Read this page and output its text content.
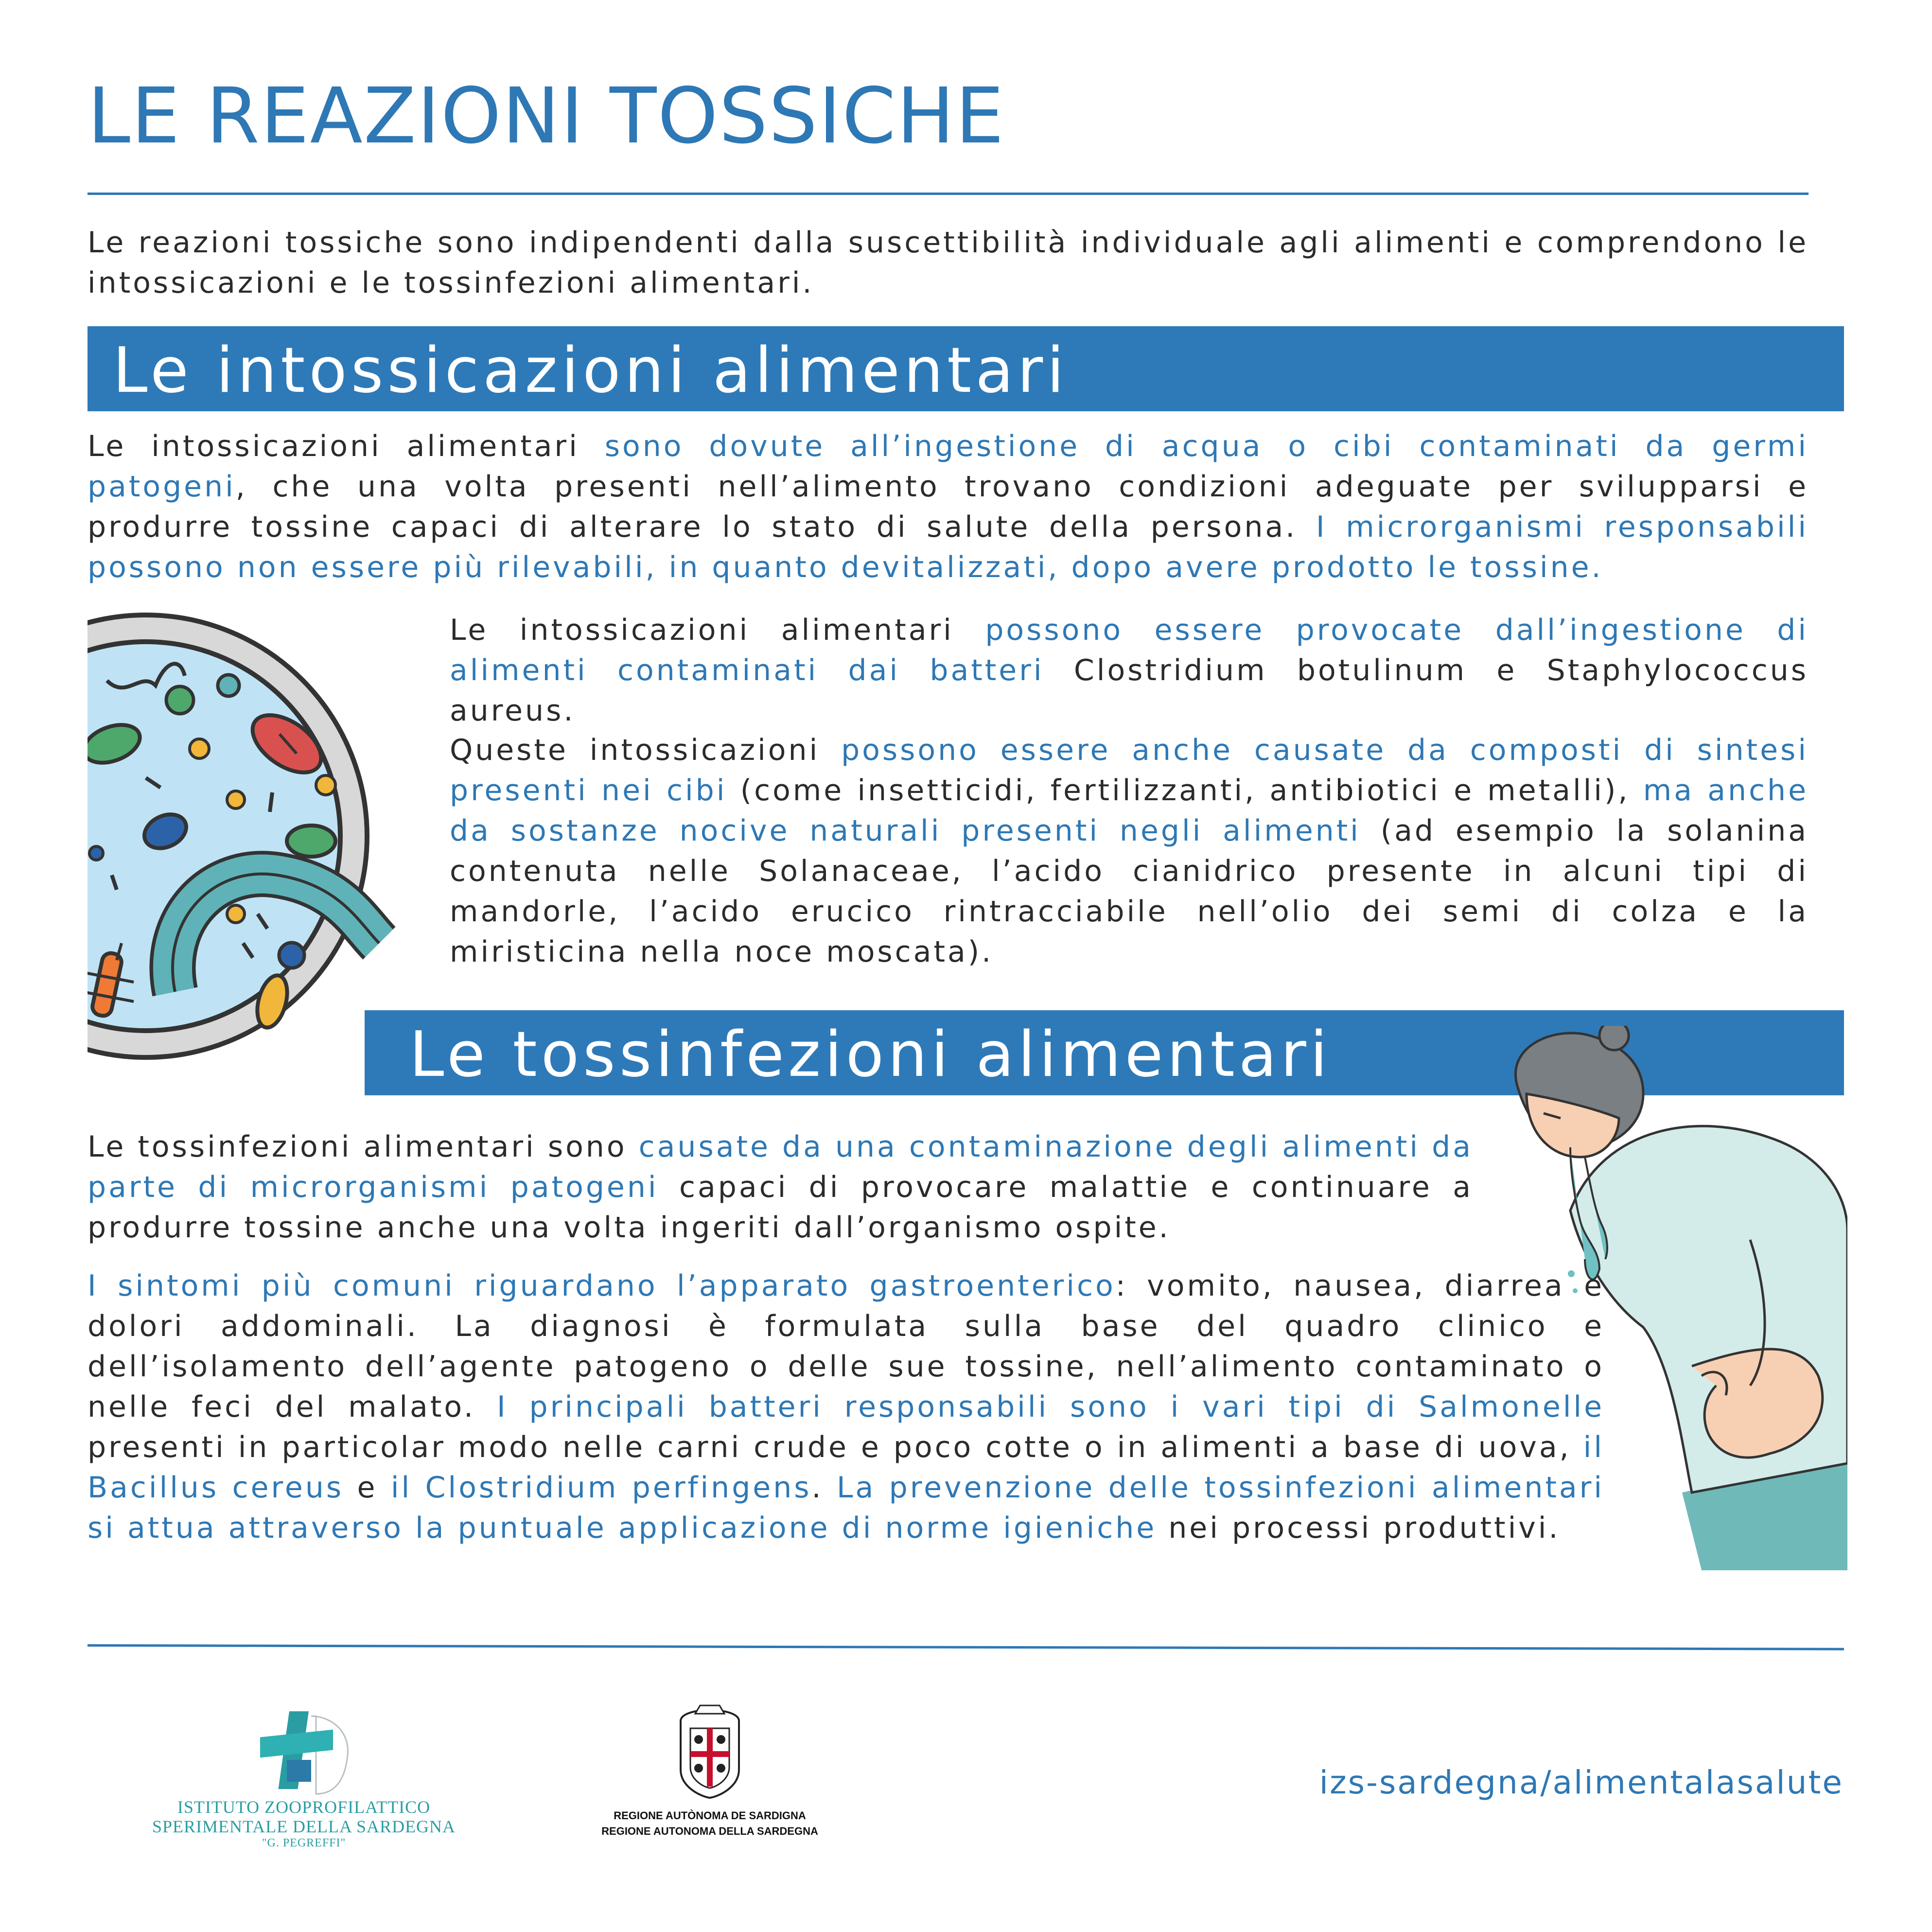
LE REAZIONI TOSSICHE

Le reazioni tossiche sono indipendenti dalla suscettibilità individuale agli alimenti e comprendono le intossicazioni e le tossinfezioni alimentari.

Le intossicazioni alimentari

Le intossicazioni alimentari sono dovute all’ingestione di acqua o cibi contaminati da germi patogeni, che una volta presenti nell’alimento trovano condizioni adeguate per svilupparsi e produrre tossine capaci di alterare lo stato di salute della persona. I microrganismi responsabili possono non essere più rilevabili, in quanto devitalizzati, dopo avere prodotto le tossine.

Le intossicazioni alimentari possono essere provocate dall’ingestione di alimenti contaminati dai batteri Clostridium botulinum e Staphylococcus aureus.

Queste intossicazioni possono essere anche causate da composti di sintesi presenti nei cibi (come insetticidi, fertilizzanti, antibiotici e metalli), ma anche da sostanze nocive naturali presenti negli alimenti (ad esempio la solanina contenuta nelle Solanaceae, l’acido cianidrico presente in alcuni tipi di mandorle, l’acido erucico rintracciabile nell’olio dei semi di colza e la miristicina nella noce moscata).

Le tossinfezioni alimentari

Le tossinfezioni alimentari sono causate da una contaminazione degli alimenti da parte di microrganismi patogeni capaci di provocare malattie e continuare a produrre tossine anche una volta ingeriti dall’organismo ospite.

I sintomi più comuni riguardano l’apparato gastroenterico: vomito, nausea, diarrea e dolori addominali. La diagnosi è formulata sulla base del quadro clinico e dell’isolamento dell’agente patogeno o delle sue tossine, nell’alimento contaminato o nelle feci del malato. I principali batteri responsabili sono i vari tipi di Salmonelle presenti in particolar modo nelle carni crude e poco cotte o in alimenti a base di uova, il Bacillus cereus e il Clostridium perfingens. La prevenzione delle tossinfezioni alimentari si attua attraverso la puntuale applicazione di norme igieniche nei processi produttivi.

ISTITUTO ZOOPROFILATTICO
SPERIMENTALE DELLA SARDEGNA
"G. PEGREFFI"
REGIONE AUTÒNOMA DE SARDIGNA
REGIONE AUTONOMA DELLA SARDEGNA
izs-sardegna/alimentalasalute
